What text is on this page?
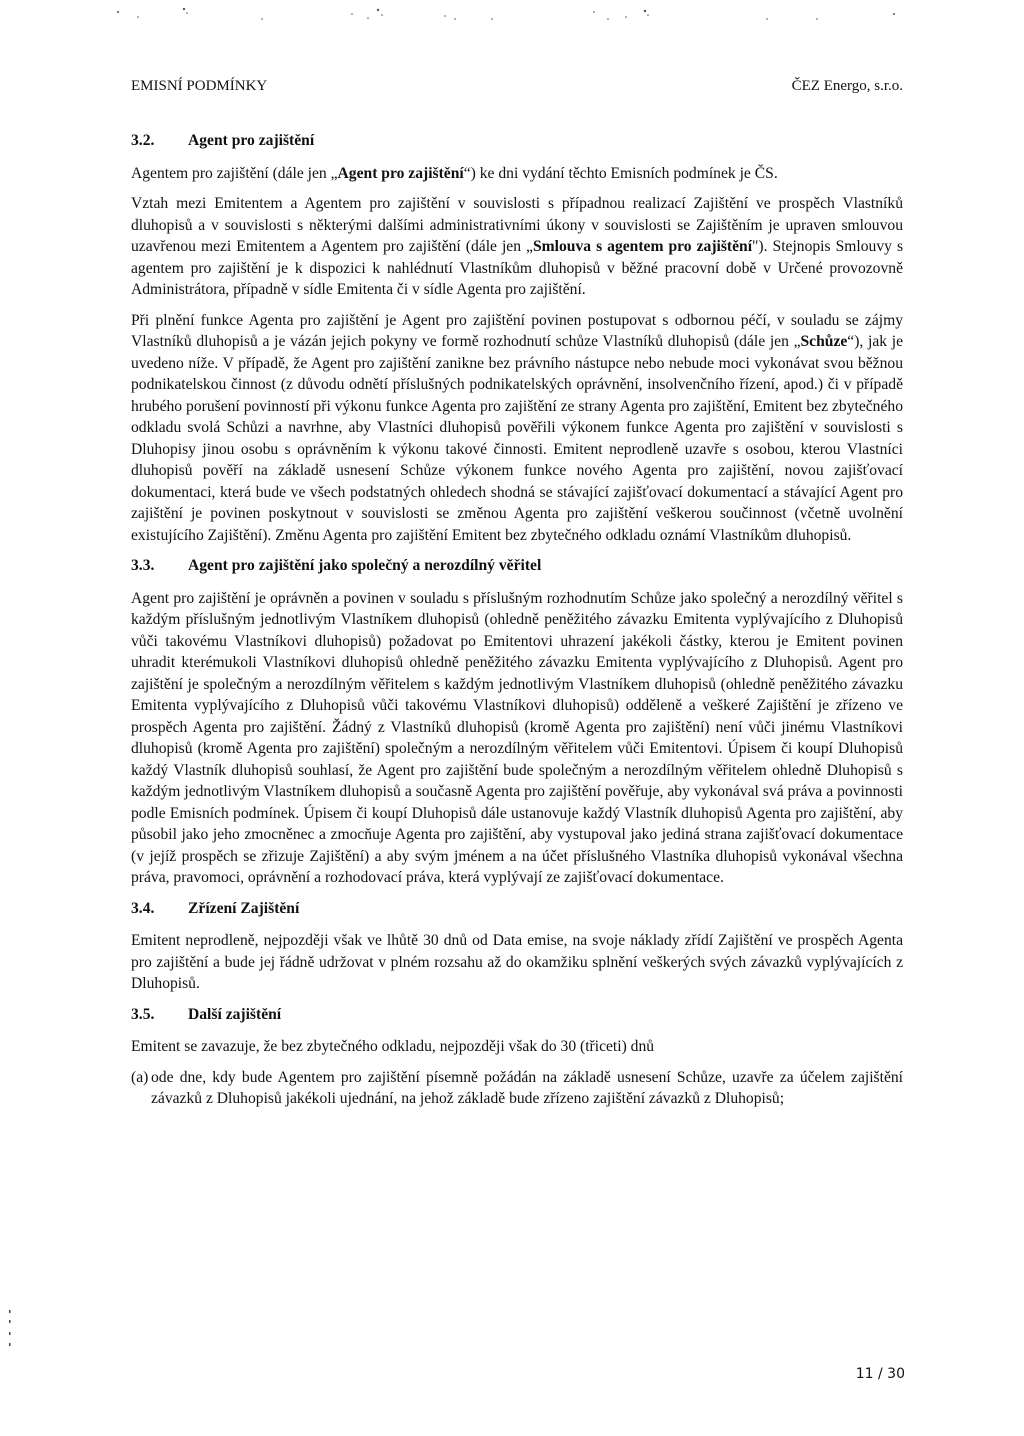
EMISNÍ PODMÍNKY	ČEZ Energo, s.r.o.
3.2.	Agent pro zajištění

Agentem pro zajištění (dále jen „Agent pro zajištění“) ke dni vydání těchto Emisních podmínek je ČS.

Vztah mezi Emitentem a Agentem pro zajištění v souvislosti s případnou realizací Zajištění ve prospěch Vlastníků dluhopisů a v souvislosti s některými dalšími administrativními úkony v souvislosti se Zajištěním je upraven smlouvou uzavřenou mezi Emitentem a Agentem pro zajištění (dále jen „Smlouva s agentem pro zajištění"). Stejnopis Smlouvy s agentem pro zajištění je k dispozici k nahlédnutí Vlastníkům dluhopisů v běžné pracovní době v Určené provozovně Administrátora, případně v sídle Emitenta či v sídle Agenta pro zajištění.

Při plnění funkce Agenta pro zajištění je Agent pro zajištění povinen postupovat s odbornou péčí, v souladu se zájmy Vlastníků dluhopisů a je vázán jejich pokyny ve formě rozhodnutí schůze Vlastníků dluhopisů (dále jen „Schůze“), jak je uvedeno níže. V případě, že Agent pro zajištění zanikne bez právního nástupce nebo nebude moci vykonávat svou běžnou podnikatelskou činnost (z důvodu odnětí příslušných podnikatelských oprávnění, insolvenčního řízení, apod.) či v případě hrubého porušení povinností při výkonu funkce Agenta pro zajištění ze strany Agenta pro zajištění, Emitent bez zbytečného odkladu svolá Schůzi a navrhne, aby Vlastníci dluhopisů pověřili výkonem funkce Agenta pro zajištění v souvislosti s Dluhopisy jinou osobu s oprávněním k výkonu takové činnosti. Emitent neprodleně uzavře s osobou, kterou Vlastníci dluhopisů pověří na základě usnesení Schůze výkonem funkce nového Agenta pro zajištění, novou zajišťovací dokumentaci, která bude ve všech podstatných ohledech shodná se stávající zajišťovací dokumentací a stávající Agent pro zajištění je povinen poskytnout v souvislosti se změnou Agenta pro zajištění veškerou součinnost (včetně uvolnění existujícího Zajištění). Změnu Agenta pro zajištění Emitent bez zbytečného odkladu oznámí Vlastníkům dluhopisů.

3.3.	Agent pro zajištění jako společný a nerozdílný věřitel

Agent pro zajištění je oprávněn a povinen v souladu s příslušným rozhodnutím Schůze jako společný a nerozdílný věřitel s každým příslušným jednotlivým Vlastníkem dluhopisů (ohledně peněžitého závazku Emitenta vyplývajícího z Dluhopisů vůči takovému Vlastníkovi dluhopisů) požadovat po Emitentovi uhrazení jakékoli částky, kterou je Emitent povinen uhradit kterémukoli Vlastníkovi dluhopisů ohledně peněžitého závazku Emitenta vyplývajícího z Dluhopisů. Agent pro zajištění je společným a nerozdílným věřitelem s každým jednotlivým Vlastníkem dluhopisů (ohledně peněžitého závazku Emitenta vyplývajícího z Dluhopisů vůči takovému Vlastníkovi dluhopisů) odděleně a veškeré Zajištění je zřízeno ve prospěch Agenta pro zajištění. Žádný z Vlastníků dluhopisů (kromě Agenta pro zajištění) není vůči jinému Vlastníkovi dluhopisů (kromě Agenta pro zajištění) společným a nerozdílným věřitelem vůči Emitentovi. Úpisem či koupí Dluhopisů každý Vlastník dluhopisů souhlasí, že Agent pro zajištění bude společným a nerozdílným věřitelem ohledně Dluhopisů s každým jednotlivým Vlastníkem dluhopisů a současně Agenta pro zajištění pověřuje, aby vykonával svá práva a povinnosti podle Emisních podmínek. Úpisem či koupí Dluhopisů dále ustanovuje každý Vlastník dluhopisů Agenta pro zajištění, aby působil jako jeho zmocněnec a zmocňuje Agenta pro zajištění, aby vystupoval jako jediná strana zajišťovací dokumentace (v jejíž prospěch se zřizuje Zajištění) a aby svým jménem a na účet příslušného Vlastníka dluhopisů vykonával všechna práva, pravomoci, oprávnění a rozhodovací práva, která vyplývají ze zajišťovací dokumentace.

3.4.	Zřízení Zajištění

Emitent neprodleně, nejpozději však ve lhůtě 30 dnů od Data emise, na svoje náklady zřídí Zajištění ve prospěch Agenta pro zajištění a bude jej řádně udržovat v plném rozsahu až do okamžiku splnění veškerých svých závazků vyplývajících z Dluhopisů.

3.5.	Další zajištění

Emitent se zavazuje, že bez zbytečného odkladu, nejpozději však do 30 (třiceti) dnů

(a) ode dne, kdy bude Agentem pro zajištění písemně požádán na základě usnesení Schůze, uzavře za účelem zajištění závazků z Dluhopisů jakékoli ujednání, na jehož základě bude zřízeno zajištění závazků z Dluhopisů;
11 / 30
